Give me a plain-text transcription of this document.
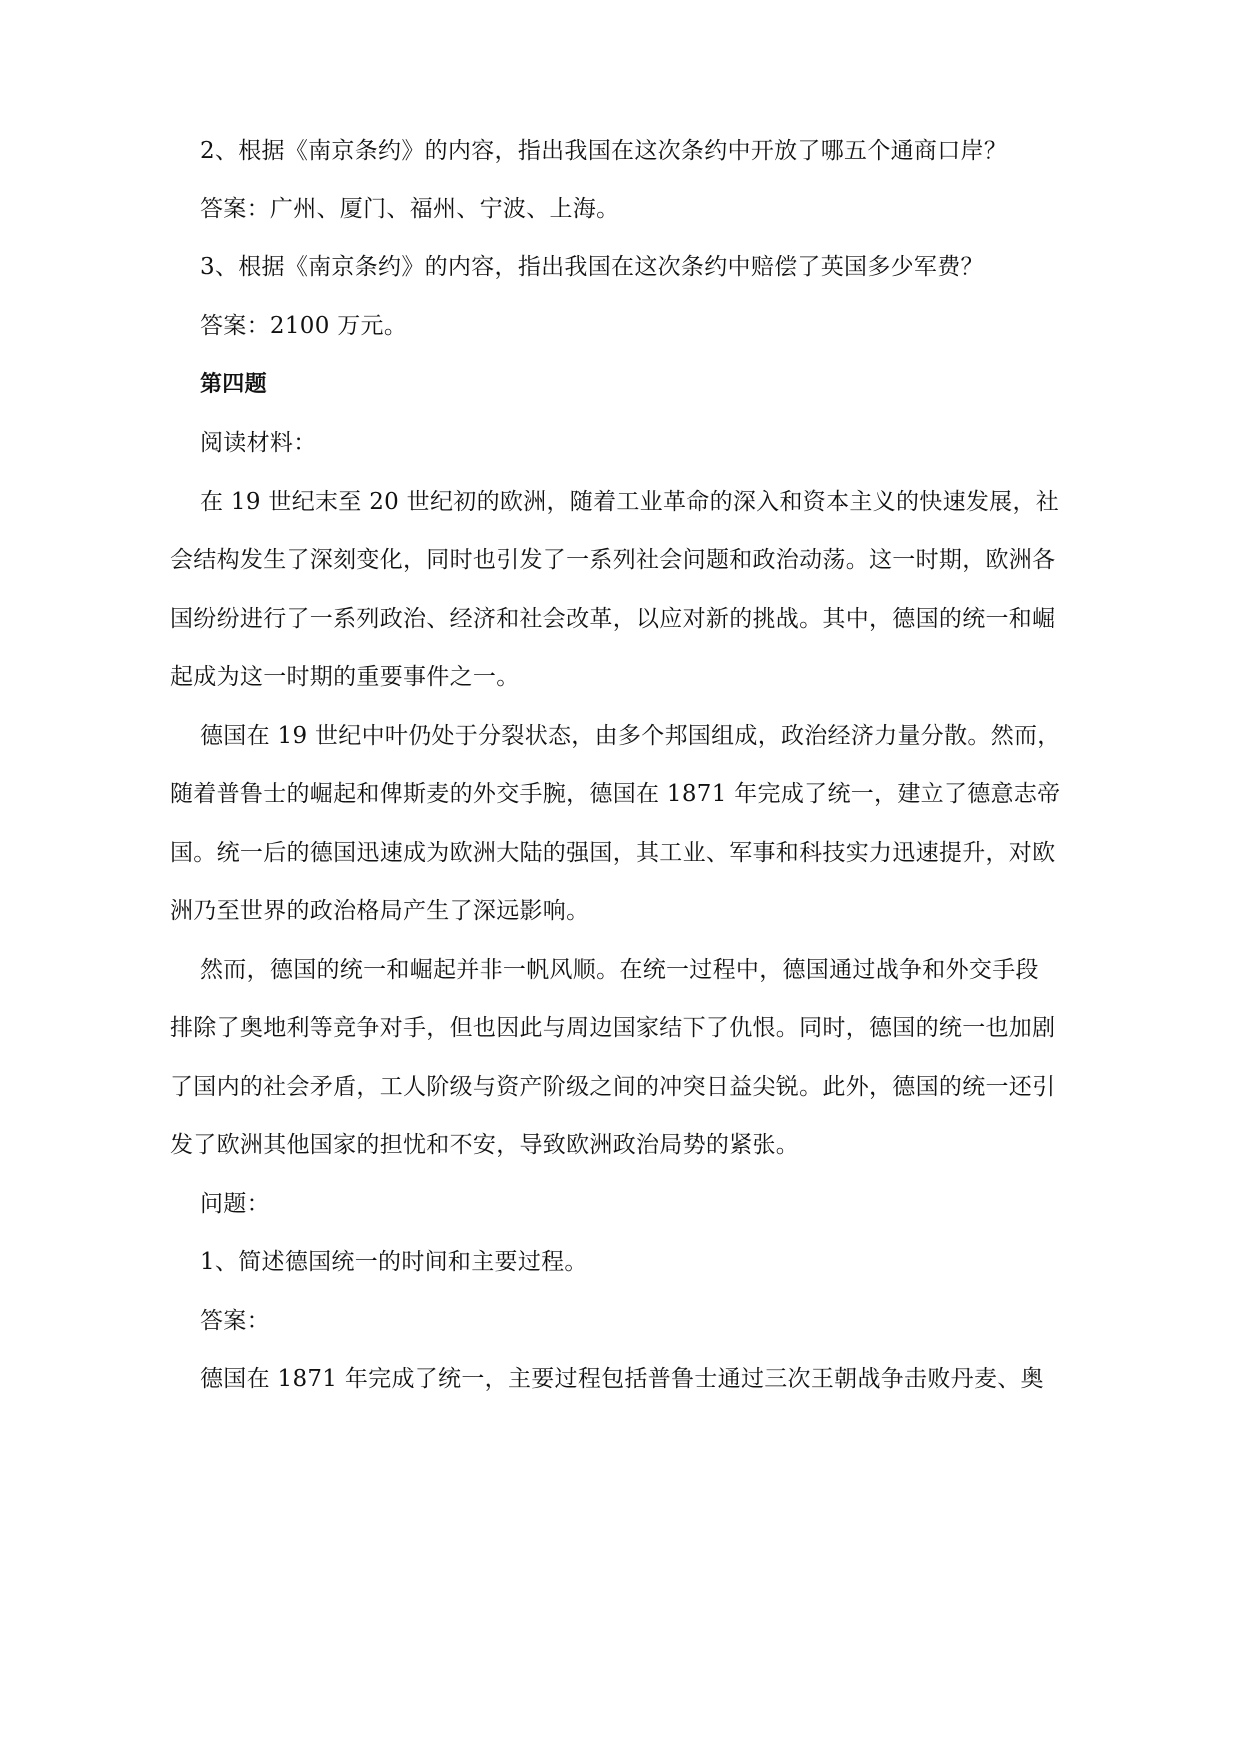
2、根据《南京条约》的内容，指出我国在这次条约中开放了哪五个通商口岸？
答案：广州、厦门、福州、宁波、上海。
3、根据《南京条约》的内容，指出我国在这次条约中赔偿了英国多少军费？
答案：2100 万元。
第四题
阅读材料：
在 19 世纪末至 20 世纪初的欧洲，随着工业革命的深入和资本主义的快速发展，社
会结构发生了深刻变化，同时也引发了一系列社会问题和政治动荡。这一时期，欧洲各
国纷纷进行了一系列政治、经济和社会改革，以应对新的挑战。其中，德国的统一和崛
起成为这一时期的重要事件之一。
德国在 19 世纪中叶仍处于分裂状态，由多个邦国组成，政治经济力量分散。然而，
随着普鲁士的崛起和俾斯麦的外交手腕，德国在 1871 年完成了统一，建立了德意志帝
国。统一后的德国迅速成为欧洲大陆的强国，其工业、军事和科技实力迅速提升，对欧
洲乃至世界的政治格局产生了深远影响。
然而，德国的统一和崛起并非一帆风顺。在统一过程中，德国通过战争和外交手段
排除了奥地利等竞争对手，但也因此与周边国家结下了仇恨。同时，德国的统一也加剧
了国内的社会矛盾，工人阶级与资产阶级之间的冲突日益尖锐。此外，德国的统一还引
发了欧洲其他国家的担忧和不安，导致欧洲政治局势的紧张。
问题：
1、简述德国统一的时间和主要过程。
答案：
德国在 1871 年完成了统一，主要过程包括普鲁士通过三次王朝战争击败丹麦、奥
